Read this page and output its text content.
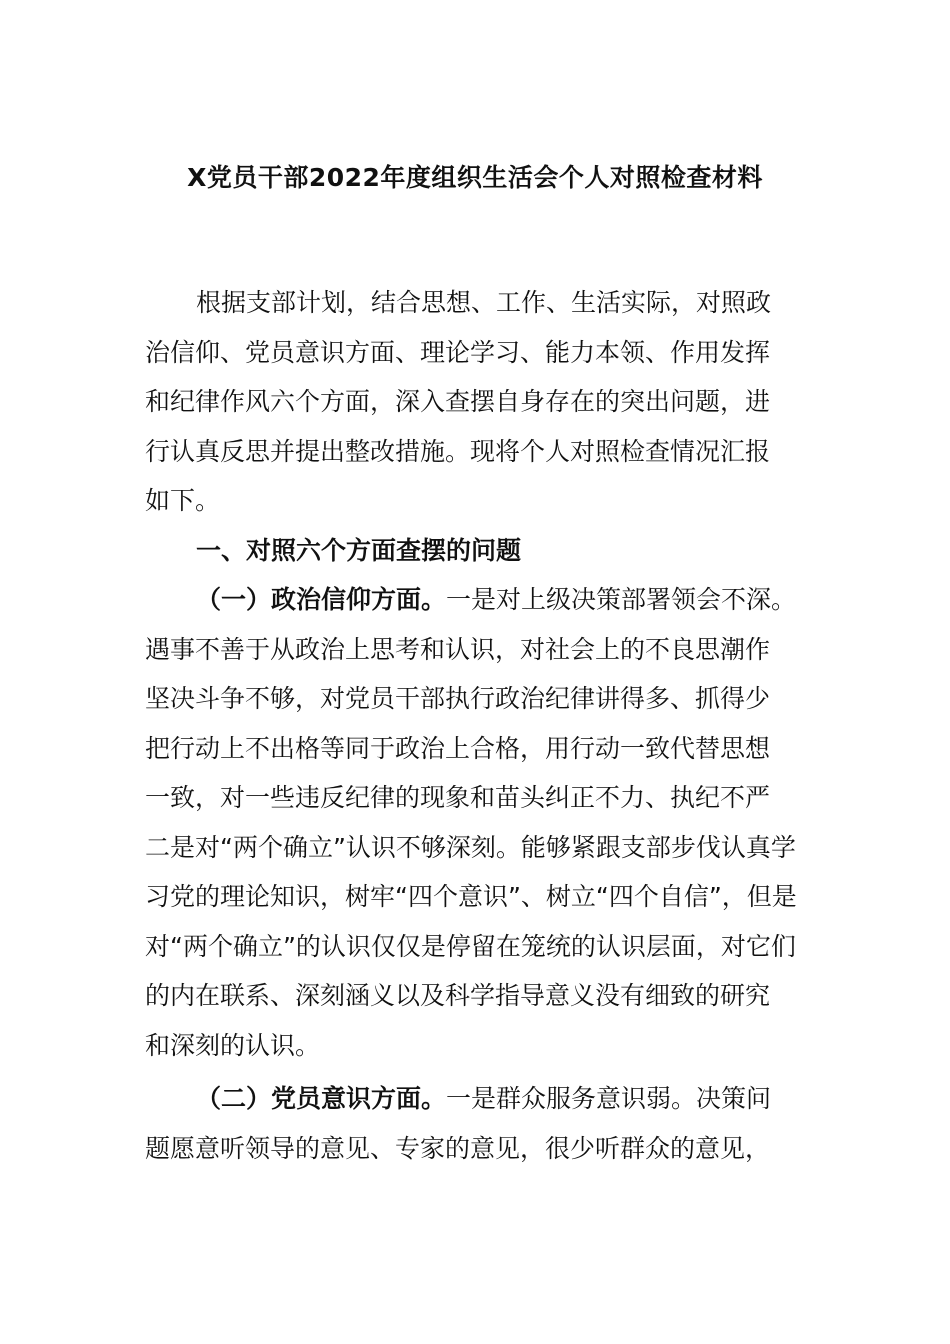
X党员干部2022年度组织生活会个人对照检查材料
根据支部计划，结合思想、工作、生活实际，对照政
治信仰、党员意识方面、理论学习、能力本领、作用发挥
和纪律作风六个方面，深入查摆自身存在的突出问题，进
行认真反思并提出整改措施。现将个人对照检查情况汇报
如下。
一、对照六个方面查摆的问题
（一）政治信仰方面。一是对上级决策部署领会不深。
遇事不善于从政治上思考和认识，对社会上的不良思潮作
坚决斗争不够，对党员干部执行政治纪律讲得多、抓得少
把行动上不出格等同于政治上合格，用行动一致代替思想
一致，对一些违反纪律的现象和苗头纠正不力、执纪不严
二是对“两个确立”认识不够深刻。能够紧跟支部步伐认真学
习党的理论知识，树牢“四个意识”、树立“四个自信”，但是
对“两个确立”的认识仅仅是停留在笼统的认识层面，对它们
的内在联系、深刻涵义以及科学指导意义没有细致的研究
和深刻的认识。
（二）党员意识方面。一是群众服务意识弱。决策问
题愿意听领导的意见、专家的意见，很少听群众的意见，
